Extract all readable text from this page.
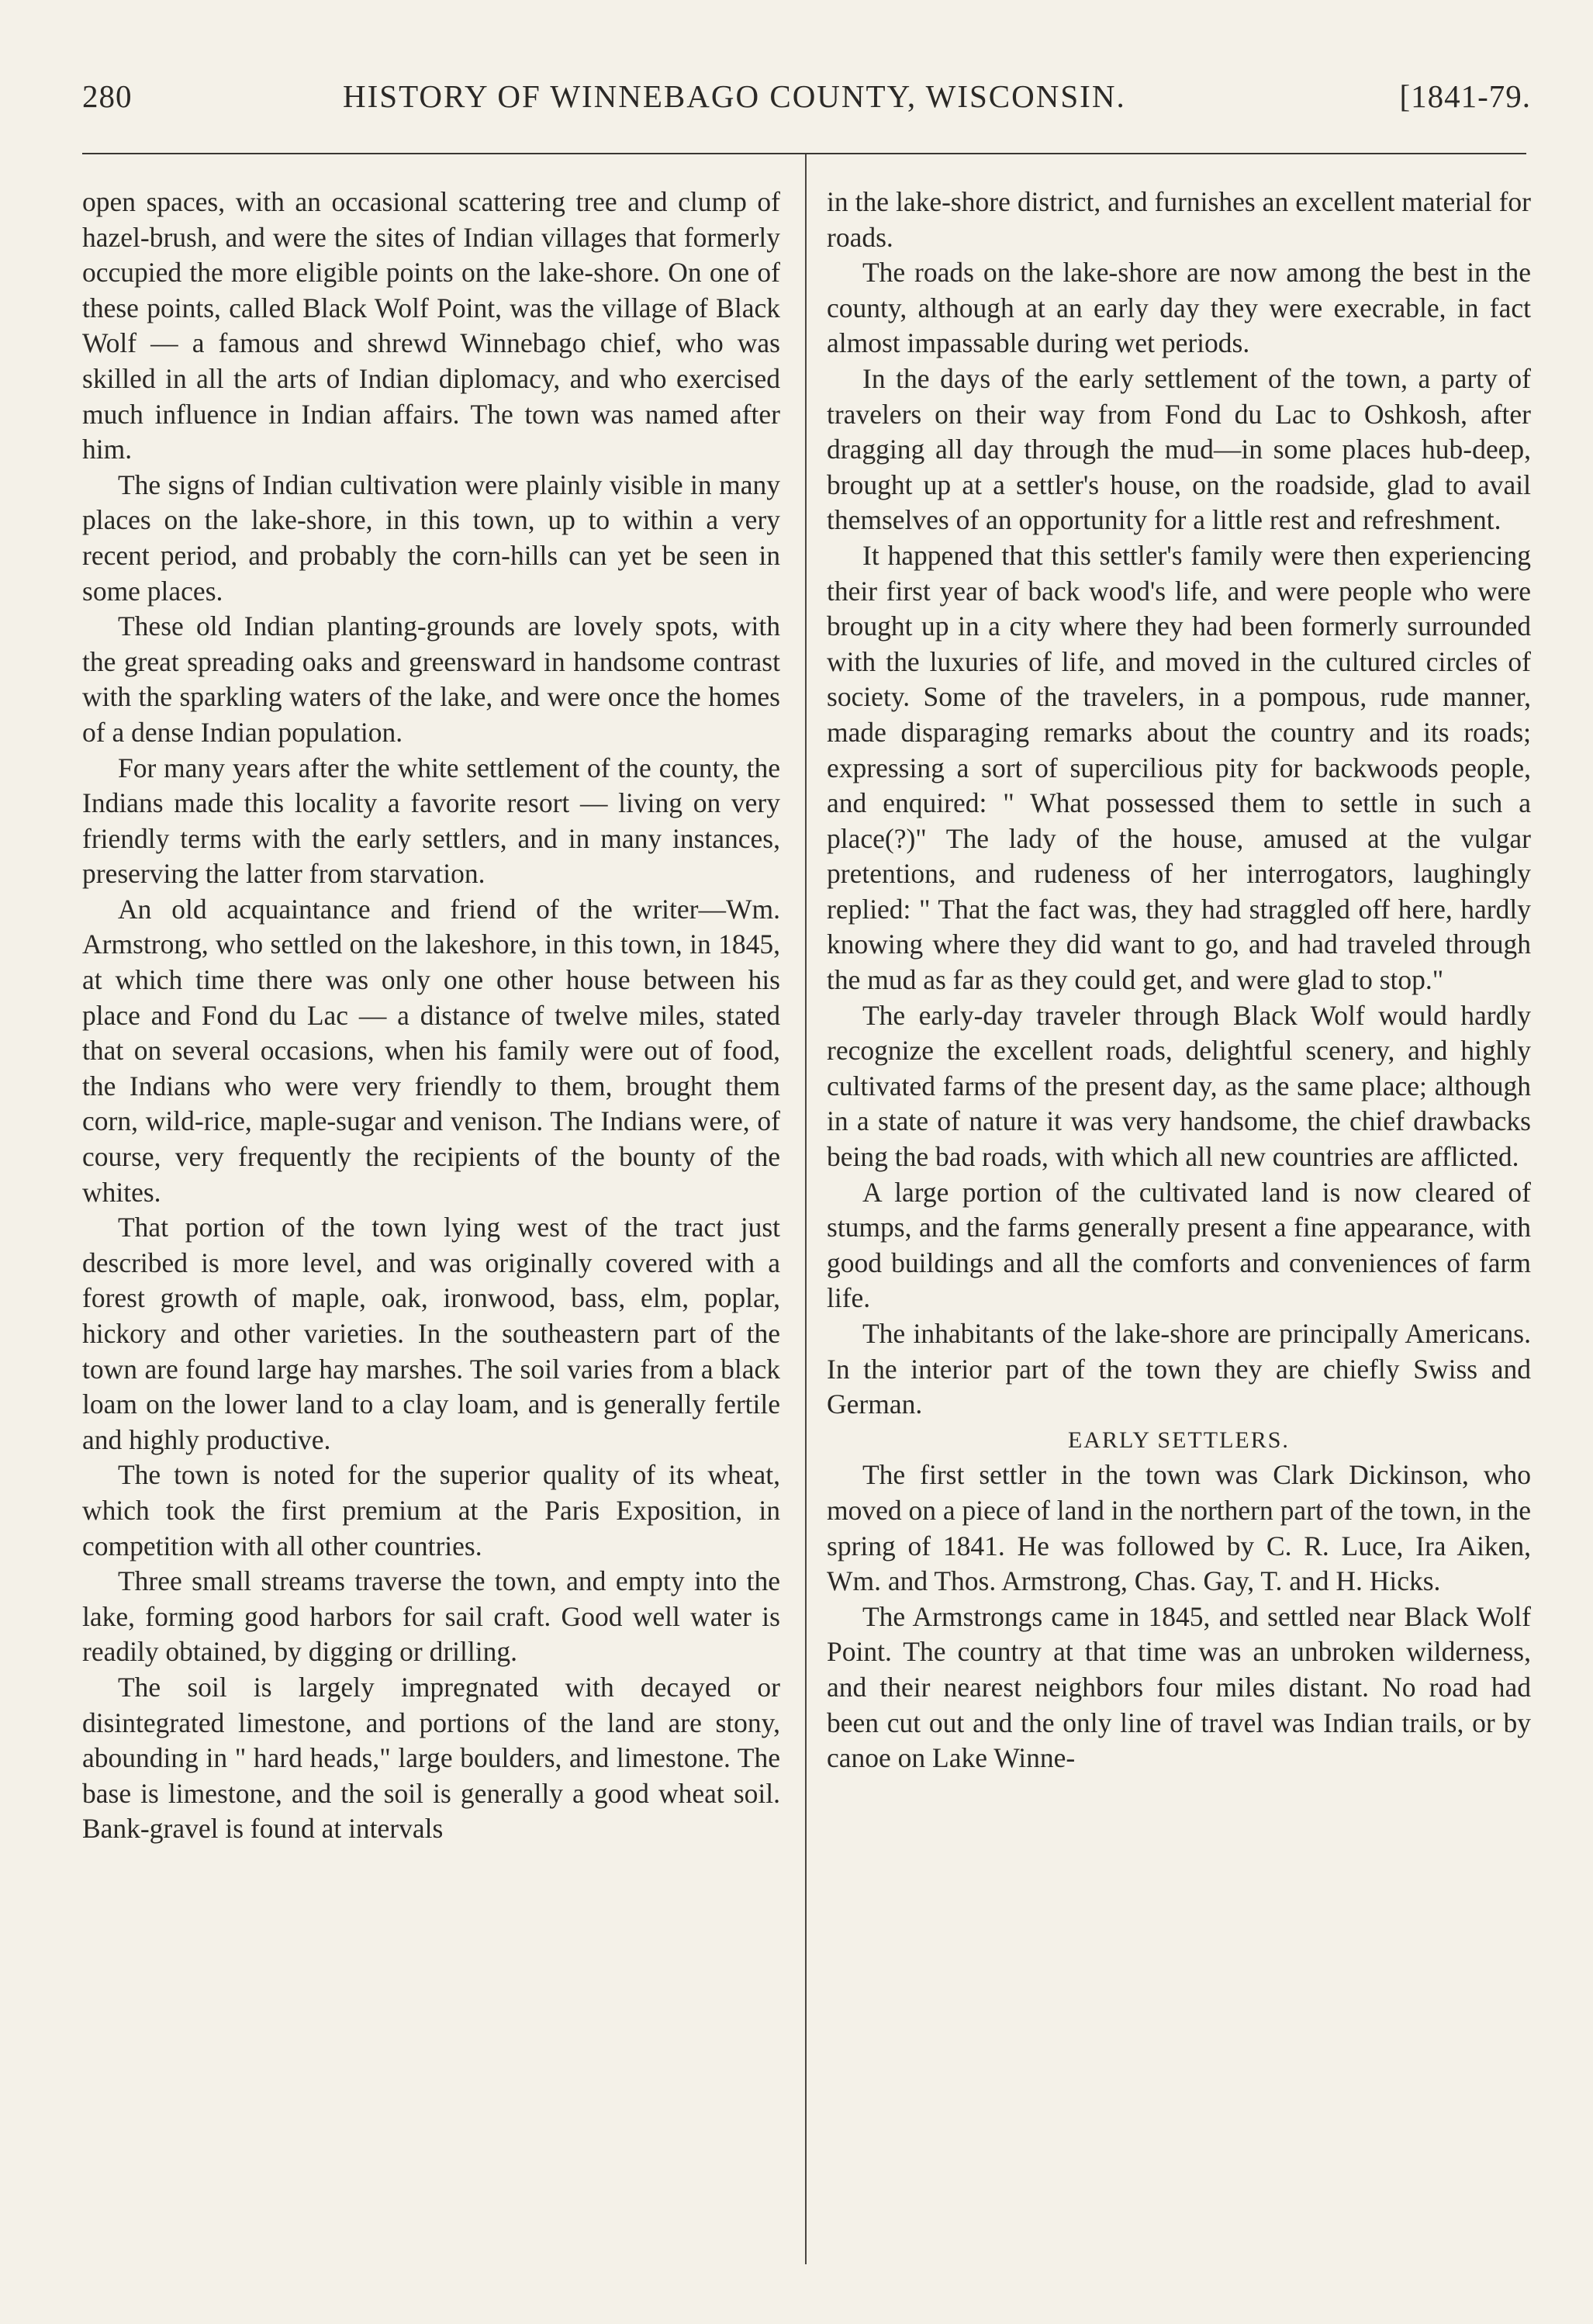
280	HISTORY OF WINNEBAGO COUNTY, WISCONSIN.	[1841-79.

open spaces, with an occasional scattering tree and clump of hazel-brush, and were the sites of Indian villages that formerly occupied the more eligible points on the lake-shore. On one of these points, called Black Wolf Point, was the village of Black Wolf — a famous and shrewd Winnebago chief, who was skilled in all the arts of Indian diplomacy, and who exercised much influence in Indian affairs. The town was named after him.

The signs of Indian cultivation were plainly visible in many places on the lake-shore, in this town, up to within a very recent period, and probably the corn-hills can yet be seen in some places.

These old Indian planting-grounds are lovely spots, with the great spreading oaks and greensward in handsome contrast with the sparkling waters of the lake, and were once the homes of a dense Indian population.

For many years after the white settlement of the county, the Indians made this locality a favorite resort — living on very friendly terms with the early settlers, and in many instances, preserving the latter from starvation.

An old acquaintance and friend of the writer—Wm. Armstrong, who settled on the lakeshore, in this town, in 1845, at which time there was only one other house between his place and Fond du Lac — a distance of twelve miles, stated that on several occasions, when his family were out of food, the Indians who were very friendly to them, brought them corn, wild-rice, maple-sugar and venison. The Indians were, of course, very frequently the recipients of the bounty of the whites.

That portion of the town lying west of the tract just described is more level, and was originally covered with a forest growth of maple, oak, ironwood, bass, elm, poplar, hickory and other varieties. In the southeastern part of the town are found large hay marshes. The soil varies from a black loam on the lower land to a clay loam, and is generally fertile and highly productive.

The town is noted for the superior quality of its wheat, which took the first premium at the Paris Exposition, in competition with all other countries.

Three small streams traverse the town, and empty into the lake, forming good harbors for sail craft. Good well water is readily obtained, by digging or drilling.

The soil is largely impregnated with decayed or disintegrated limestone, and portions of the land are stony, abounding in " hard heads," large boulders, and limestone. The base is limestone, and the soil is generally a good wheat soil. Bank-gravel is found at intervals

in the lake-shore district, and furnishes an excellent material for roads.

The roads on the lake-shore are now among the best in the county, although at an early day they were execrable, in fact almost impassable during wet periods.

In the days of the early settlement of the town, a party of travelers on their way from Fond du Lac to Oshkosh, after dragging all day through the mud—in some places hub-deep, brought up at a settler's house, on the roadside, glad to avail themselves of an opportunity for a little rest and refreshment.

It happened that this settler's family were then experiencing their first year of back wood's life, and were people who were brought up in a city where they had been formerly surrounded with the luxuries of life, and moved in the cultured circles of society. Some of the travelers, in a pompous, rude manner, made disparaging remarks about the country and its roads; expressing a sort of supercilious pity for backwoods people, and enquired: " What possessed them to settle in such a place(?)" The lady of the house, amused at the vulgar pretentions, and rudeness of her interrogators, laughingly replied: " That the fact was, they had straggled off here, hardly knowing where they did want to go, and had traveled through the mud as far as they could get, and were glad to stop."

The early-day traveler through Black Wolf would hardly recognize the excellent roads, delightful scenery, and highly cultivated farms of the present day, as the same place; although in a state of nature it was very handsome, the chief drawbacks being the bad roads, with which all new countries are afflicted.

A large portion of the cultivated land is now cleared of stumps, and the farms generally present a fine appearance, with good buildings and all the comforts and conveniences of farm life.

The inhabitants of the lake-shore are principally Americans. In the interior part of the town they are chiefly Swiss and German.

EARLY SETTLERS.

The first settler in the town was Clark Dickinson, who moved on a piece of land in the northern part of the town, in the spring of 1841. He was followed by C. R. Luce, Ira Aiken, Wm. and Thos. Armstrong, Chas. Gay, T. and H. Hicks.

The Armstrongs came in 1845, and settled near Black Wolf Point. The country at that time was an unbroken wilderness, and their nearest neighbors four miles distant. No road had been cut out and the only line of travel was Indian trails, or by canoe on Lake Winne-
